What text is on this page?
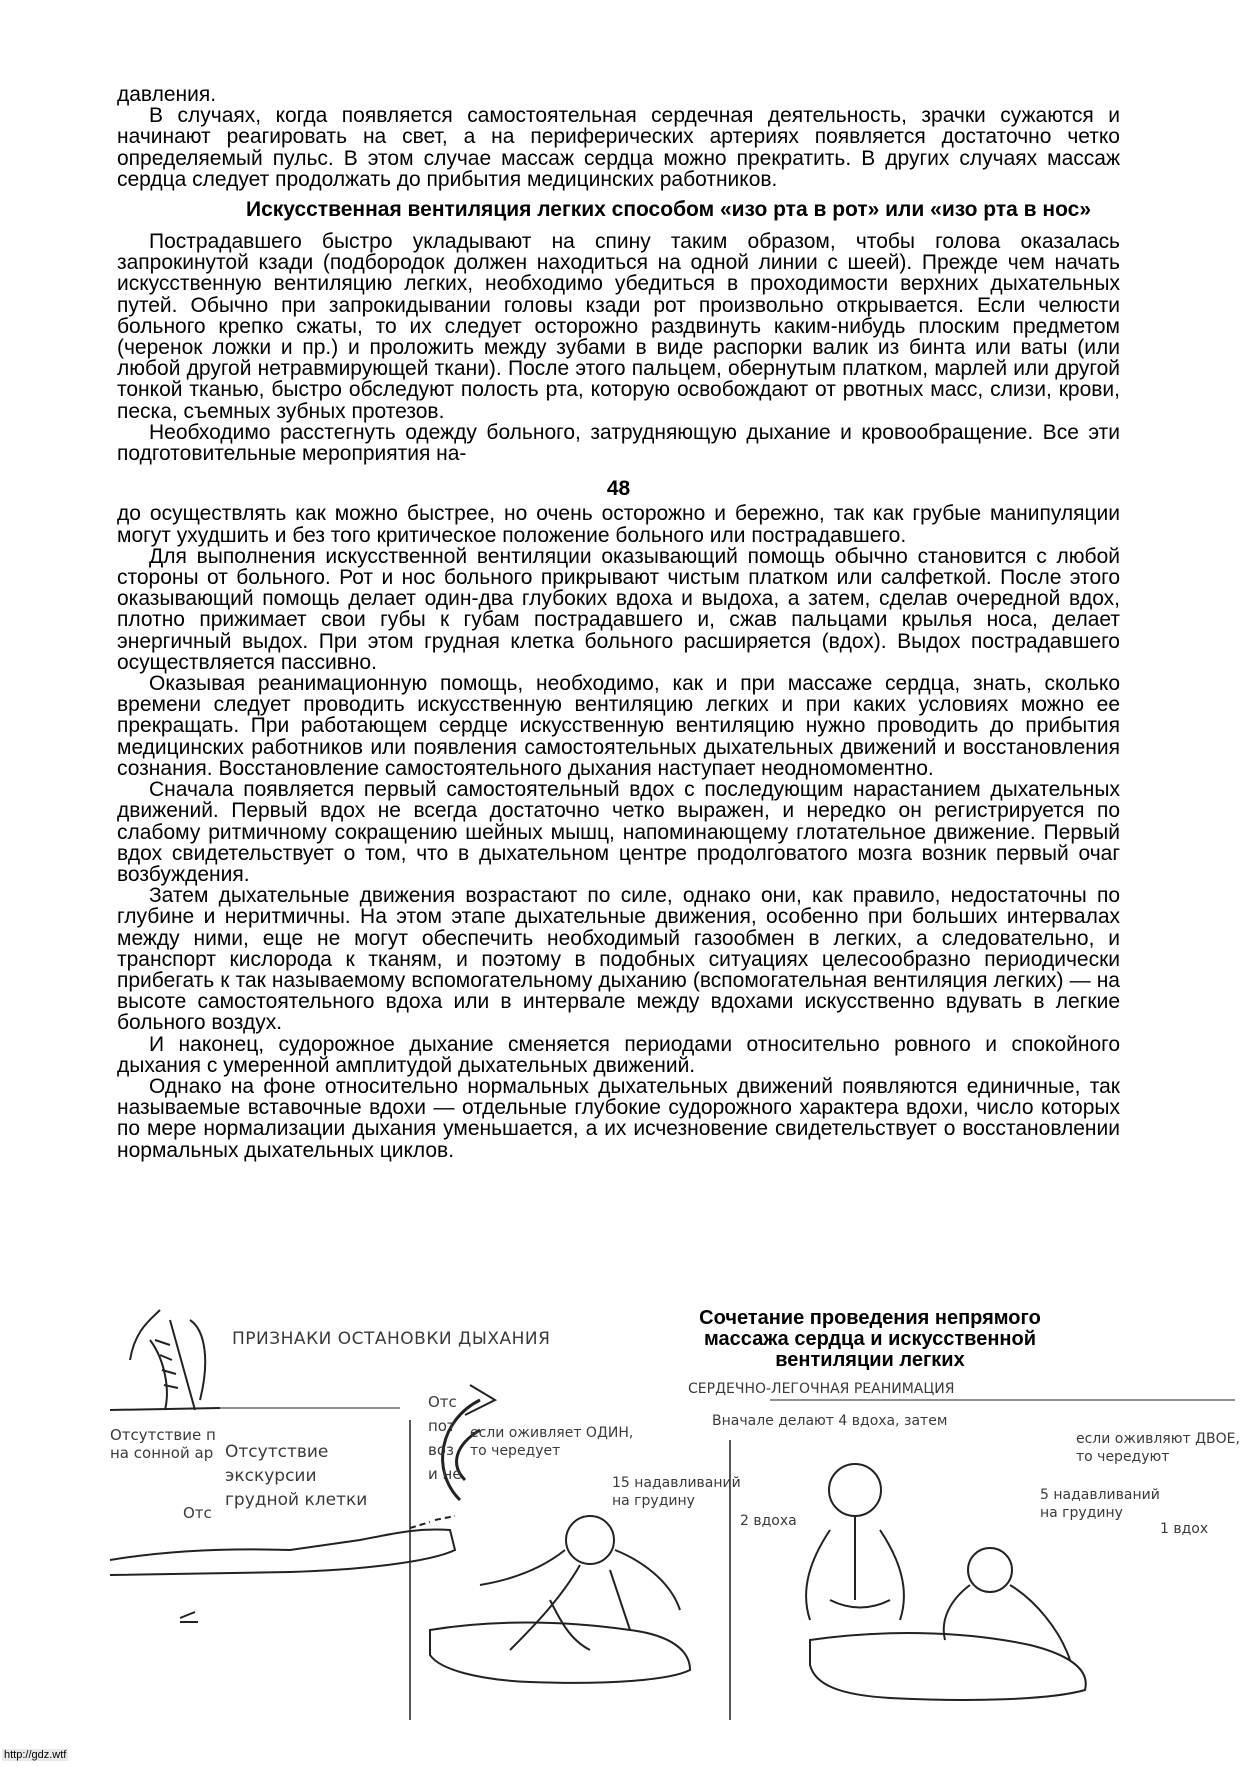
давления.

В случаях, когда появляется самостоятельная сердечная деятельность, зрачки сужаются и начинают реагировать на свет, а на периферических артериях появляется достаточно четко определяемый пульс. В этом случае массаж сердца можно прекратить. В других случаях массаж сердца следует продолжать до прибытия медицинских работников.

Искусственная вентиляция легких способом «изо рта в рот» или «изо рта в нос»

Пострадавшего быстро укладывают на спину таким образом, чтобы голова оказалась запрокинутой кзади (подбородок должен находиться на одной линии с шеей). Прежде чем начать искусственную вентиляцию легких, необходимо убедиться в проходимости верхних дыхательных путей. Обычно при запрокидывании головы кзади рот произвольно открывается. Если челюсти больного крепко сжаты, то их следует осторожно раздвинуть каким-нибудь плоским предметом (черенок ложки и пр.) и проложить между зубами в виде распорки валик из бинта или ваты (или любой другой нетравмирующей ткани). После этого пальцем, обернутым платком, марлей или другой тонкой тканью, быстро обследуют полость рта, которую освобождают от рвотных масс, слизи, крови, песка, съемных зубных протезов.

Необходимо расстегнуть одежду больного, затрудняющую дыхание и кровообращение. Все эти подготовительные мероприятия на-

48

до осуществлять как можно быстрее, но очень осторожно и бережно, так как грубые манипуляции могут ухудшить и без того критическое положение больного или пострадавшего.

Для выполнения искусственной вентиляции оказывающий помощь обычно становится с любой стороны от больного. Рот и нос больного прикрывают чистым платком или салфеткой. После этого оказывающий помощь делает один-два глубоких вдоха и выдоха, а затем, сделав очередной вдох, плотно прижимает свои губы к губам пострадавшего и, сжав пальцами крылья носа, делает энергичный выдох. При этом грудная клетка больного расширяется (вдох). Выдох пострадавшего осуществляется пассивно.

Оказывая реанимационную помощь, необходимо, как и при массаже сердца, знать, сколько времени следует проводить искусственную вентиляцию легких и при каких условиях можно ее прекращать. При работающем сердце искусственную вентиляцию нужно проводить до прибытия медицинских работников или появления самостоятельных дыхательных движений и восстановления сознания. Восстановление самостоятельного дыхания наступает неодномоментно.

Сначала появляется первый самостоятельный вдох с последующим нарастанием дыхательных движений. Первый вдох не всегда достаточно четко выражен, и нередко он регистрируется по слабому ритмичному сокращению шейных мышц, напоминающему глотательное движение. Первый вдох свидетельствует о том, что в дыхательном центре продолговатого мозга возник первый очаг возбуждения.

Затем дыхательные движения возрастают по силе, однако они, как правило, недостаточны по глубине и неритмичны. На этом этапе дыхательные движения, особенно при больших интервалах между ними, еще не могут обеспечить необходимый газообмен в легких, а следовательно, и транспорт кислорода к тканям, и поэтому в подобных ситуациях целесообразно периодически прибегать к так называемому вспомогательному дыханию (вспомогательная вентиляция легких) — на высоте самостоятельного вдоха или в интервале между вдохами искусственно вдувать в легкие больного воздух.

И наконец, судорожное дыхание сменяется периодами относительно ровного и спокойного дыхания с умеренной амплитудой дыхательных движений.

Однако на фоне относительно нормальных дыхательных движений появляются единичные, так называемые вставочные вдохи — отдельные глубокие судорожного характера вдохи, число которых по мере нормализации дыхания уменьшается, а их исчезновение свидетельствует о восстановлении нормальных дыхательных циклов.

Сочетание проведения непрямого массажа сердца и искусственной вентиляции легких
ПРИЗНАКИ ОСТАНОВКИ ДЫХАНИЯ
Отсутствие п
на сонной ар Отсутствие
экскурсии
грудной клетки
Отс
Отс
пот
воз
и не
СЕРДЕЧНО-ЛЕГОЧНАЯ РЕАНИМАЦИЯ
Вначале делают 4 вдоха, затем
если оживляет ОДИН,
то чередует
15 надавливаний
на грудину
2 вдоха
если оживляют ДВОЕ,
то чередуют
5 надавливаний
на грудину
1 вдох
http://gdz.wtf
